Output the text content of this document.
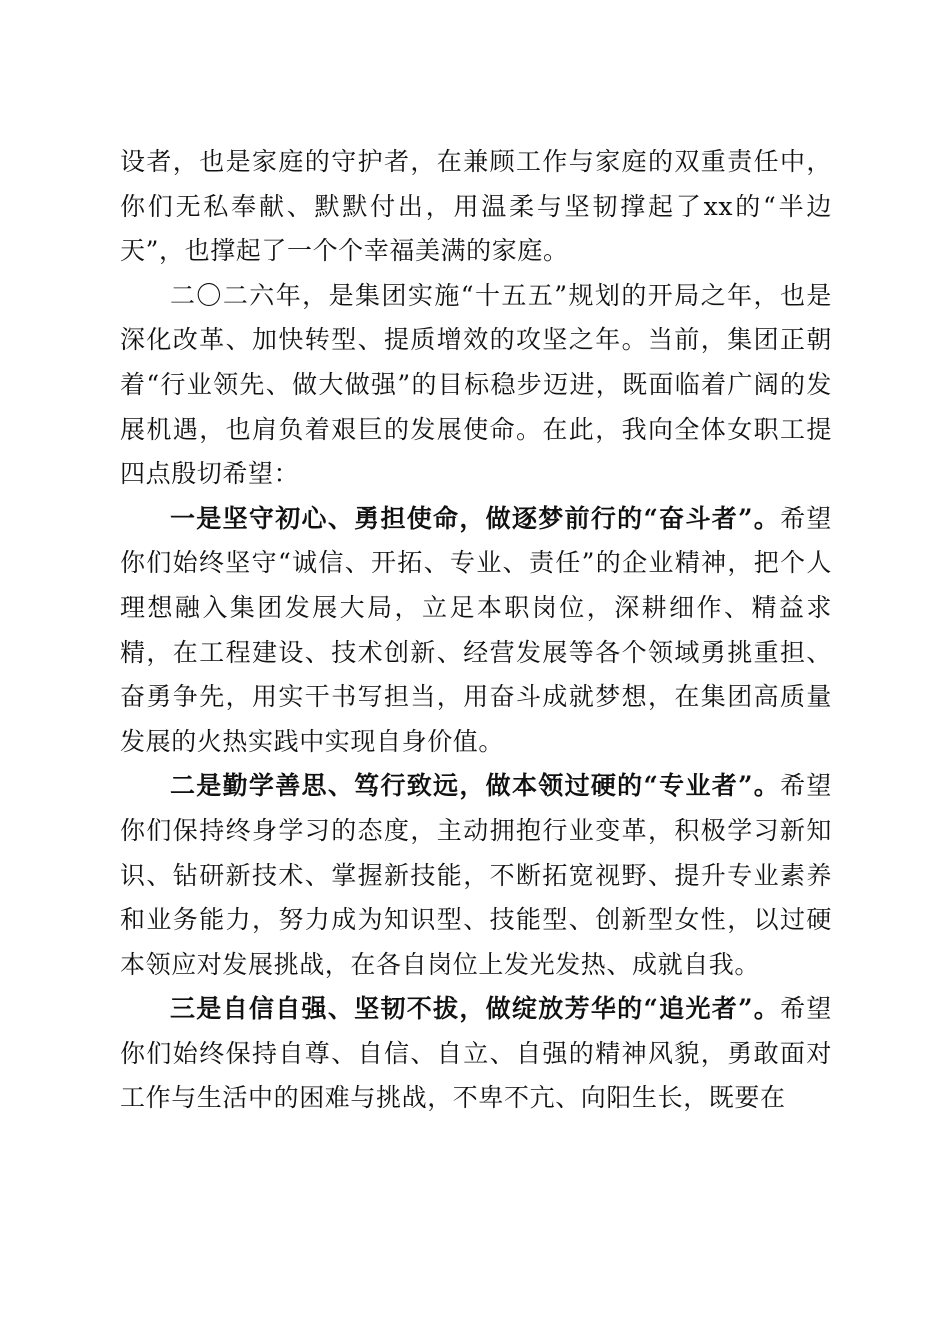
设者，也是家庭的守护者，在兼顾工作与家庭的双重责任中，你们无私奉献、默默付出，用温柔与坚韧撑起了xx的“半边天”，也撑起了一个个幸福美满的家庭。

二〇二六年，是集团实施“十五五”规划的开局之年，也是深化改革、加快转型、提质增效的攻坚之年。当前，集团正朝着“行业领先、做大做强”的目标稳步迈进，既面临着广阔的发展机遇，也肩负着艰巨的发展使命。在此，我向全体女职工提四点殷切希望：

一是坚守初心、勇担使命，做逐梦前行的“奋斗者”。希望你们始终坚守“诚信、开拓、专业、责任”的企业精神，把个人理想融入集团发展大局，立足本职岗位，深耕细作、精益求精，在工程建设、技术创新、经营发展等各个领域勇挑重担、奋勇争先，用实干书写担当，用奋斗成就梦想，在集团高质量发展的火热实践中实现自身价值。

二是勤学善思、笃行致远，做本领过硬的“专业者”。希望你们保持终身学习的态度，主动拥抱行业变革，积极学习新知识、钻研新技术、掌握新技能，不断拓宽视野、提升专业素养和业务能力，努力成为知识型、技能型、创新型女性，以过硬本领应对发展挑战，在各自岗位上发光发热、成就自我。

三是自信自强、坚韧不拔，做绽放芳华的“追光者”。希望你们始终保持自尊、自信、自立、自强的精神风貌，勇敢面对工作与生活中的困难与挑战，不卑不亢、向阳生长，既要在
